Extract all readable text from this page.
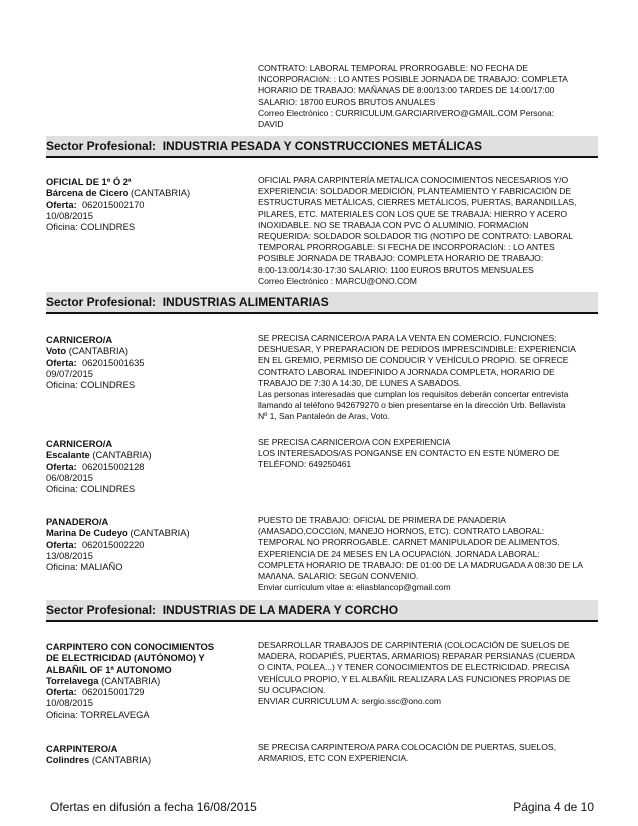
CONTRATO: LABORAL TEMPORAL PRORROGABLE: NO FECHA DE

INCORPORACIóN: : LO ANTES POSIBLE JORNADA DE TRABAJO: COMPLETA

HORARIO DE TRABAJO: MAÑANAS DE 8:00/13:00 TARDES DE 14:00/17:00

SALARIO: 18700 EUROS BRUTOS ANUALES

Correo Electrónico : CURRICULUM.GARCIARIVERO@GMAIL.COM Persona:

DAVID

Sector Profesional: INDUSTRIA PESADA Y CONSTRUCCIONES METÁLICAS
OFICIAL DE 1ª Ó 2ª
Bárcena de Cicero (CANTABRIA)
Oferta: 062015002170
10/08/2015
Oficina: COLINDRES

OFICIAL PARA CARPINTERÍA METALICA CONOCIMIENTOS NECESARIOS Y/O

EXPERIENCIA: SOLDADOR.MEDICIÓN, PLANTEAMIENTO Y FABRICACIÓN DE

ESTRUCTURAS METÁLICAS, CIERRES METÁLICOS, PUERTAS, BARANDILLAS,

PILARES, ETC. MATERIALES CON LOS QUE SE TRABAJA: HIERRO Y ACERO

INOXIDABLE. NO SE TRABAJA CON PVC Ó ALUMINIO. FORMACIóN

REQUERIDA: SOLDADOR SOLDADOR TIG (NOTIPO DE CONTRATO: LABORAL

TEMPORAL PRORROGABLE: Sí FECHA DE INCORPORACIóN: : LO ANTES

POSIBLE JORNADA DE TRABAJO: COMPLETA HORARIO DE TRABAJO:

8:00-13:00/14:30-17:30 SALARIO: 1100 EUROS BRUTOS MENSUALES

Correo Electrónico : MARCU@ONO.COM

Sector Profesional: INDUSTRIAS ALIMENTARIAS
CARNICERO/A
Voto (CANTABRIA)
Oferta: 062015001635
09/07/2015
Oficina: COLINDRES

SE PRECISA CARNICERO/A PARA LA VENTA EN COMERCIO. FUNCIONES:

DESHUESAR, Y PREPARACION DE PEDIDOS IMPRESCINDIBLE: EXPERIENCIA

EN EL GREMIO, PERMISO DE CONDUCIR Y VEHÍCULO PROPIO. SE OFRECE

CONTRATO LABORAL INDEFINIDO A JORNADA COMPLETA, HORARIO DE

TRABAJO DE 7:30 A 14:30, DE LUNES A SABADOS.

Las personas interesadas que cumplan los requisitos deberán concertar entrevista

llamando al teléfono 942679270 o bien presentarse en la dirección Urb. Bellavista

Nº 1, San Pantaleón de Aras, Voto.

CARNICERO/A
Escalante (CANTABRIA)
Oferta: 062015002128
06/08/2015
Oficina: COLINDRES

SE PRECISA CARNICERO/A CON EXPERIENCIA

LOS INTERESADOS/AS PONGANSE EN CONTACTO EN ESTE NÚMERO DE

TELÉFONO: 649250461

PANADERO/A
Marina De Cudeyo (CANTABRIA)
Oferta: 062015002220
13/08/2015
Oficina: MALIAÑO

PUESTO DE TRABAJO: OFICIAL DE PRIMERA DE PANADERIA

(AMASADO,COCCIóN, MANEJO HORNOS, ETC). CONTRATO LABORAL:

TEMPORAL NO PRORROGABLE. CARNET MANIPULADOR DE ALIMENTOS.

EXPERIENCIA DE 24 MESES EN LA OCUPACIóN. JORNADA LABORAL:

COMPLETA HORARIO DE TRABAJO: DE 01:00 DE LA MADRUGADA A 08:30 DE LA

MAñANA. SALARIO: SEGúN CONVENIO.

Enviar currículum vitae a: eliasblancop@gmail.com

Sector Profesional: INDUSTRIAS DE LA MADERA Y CORCHO
CARPINTERO CON CONOCIMIENTOS
DE ELECTRICIDAD (AUTÓNOMO) Y
ALBAÑIL OF 1ª AUTONOMO
Torrelavega (CANTABRIA)
Oferta: 062015001729
10/08/2015
Oficina: TORRELAVEGA

DESARROLLAR TRABAJOS DE CARPINTERIA (COLOCACIÓN DE SUELOS DE

MADERA, RODAPIÉS, PUERTAS, ARMARIOS) REPARAR PERSIANAS (CUERDA

O CINTA, POLEA...) Y TENER CONOCIMIENTOS DE ELECTRICIDAD. PRECISA

VEHÍCULO PROPIO, Y EL ALBAÑIL REALIZARA LAS FUNCIONES PROPIAS DE

SU OCUPACION.

ENVIAR CURRICULUM A: sergio.ssc@ono.com

CARPINTERO/A
Colindres (CANTABRIA)

SE PRECISA CARPINTERO/A PARA COLOCACIÓN DE PUERTAS, SUELOS,

ARMARIOS, ETC CON EXPERIENCIA.

Ofertas en difusión a fecha 16/08/2015	Página 4 de 10
